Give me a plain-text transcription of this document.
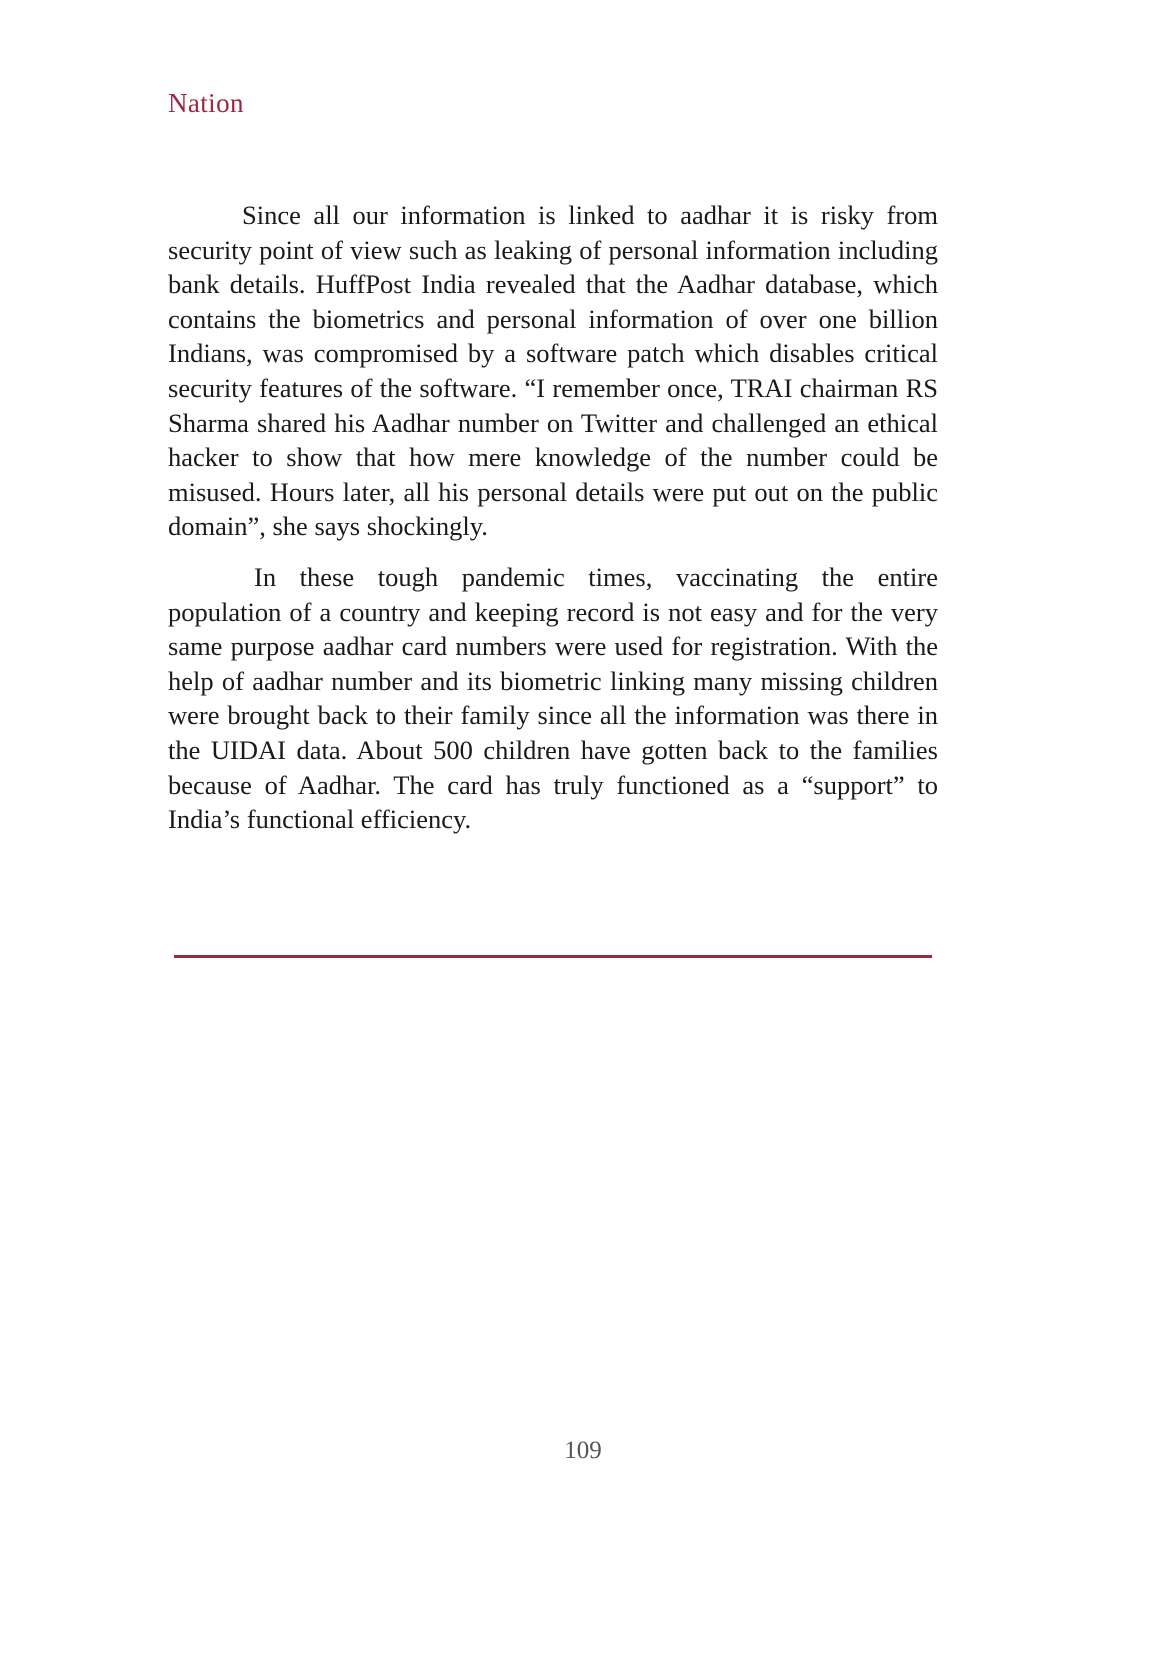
Nation

Since all our information is linked to aadhar it is risky from security point of view such as leaking of personal information including bank details. HuffPost India revealed that the Aadhar database, which contains the biometrics and personal information of over one billion Indians, was compromised by a software patch which disables critical security features of the software. “I remember once, TRAI chairman RS Sharma shared his Aadhar number on Twitter and challenged an ethical hacker to show that how mere knowledge of the number could be misused. Hours later, all his personal details were put out on the public domain”, she says shockingly.

In these tough pandemic times, vaccinating the entire population of a country and keeping record is not easy and for the very same purpose aadhar card numbers were used for registration. With the help of aadhar number and its biometric linking many missing children were brought back to their family since all the information was there in the UIDAI data. About 500 children have gotten back to the families because of Aadhar. The card has truly functioned as a “support” to India’s functional efficiency.

109
